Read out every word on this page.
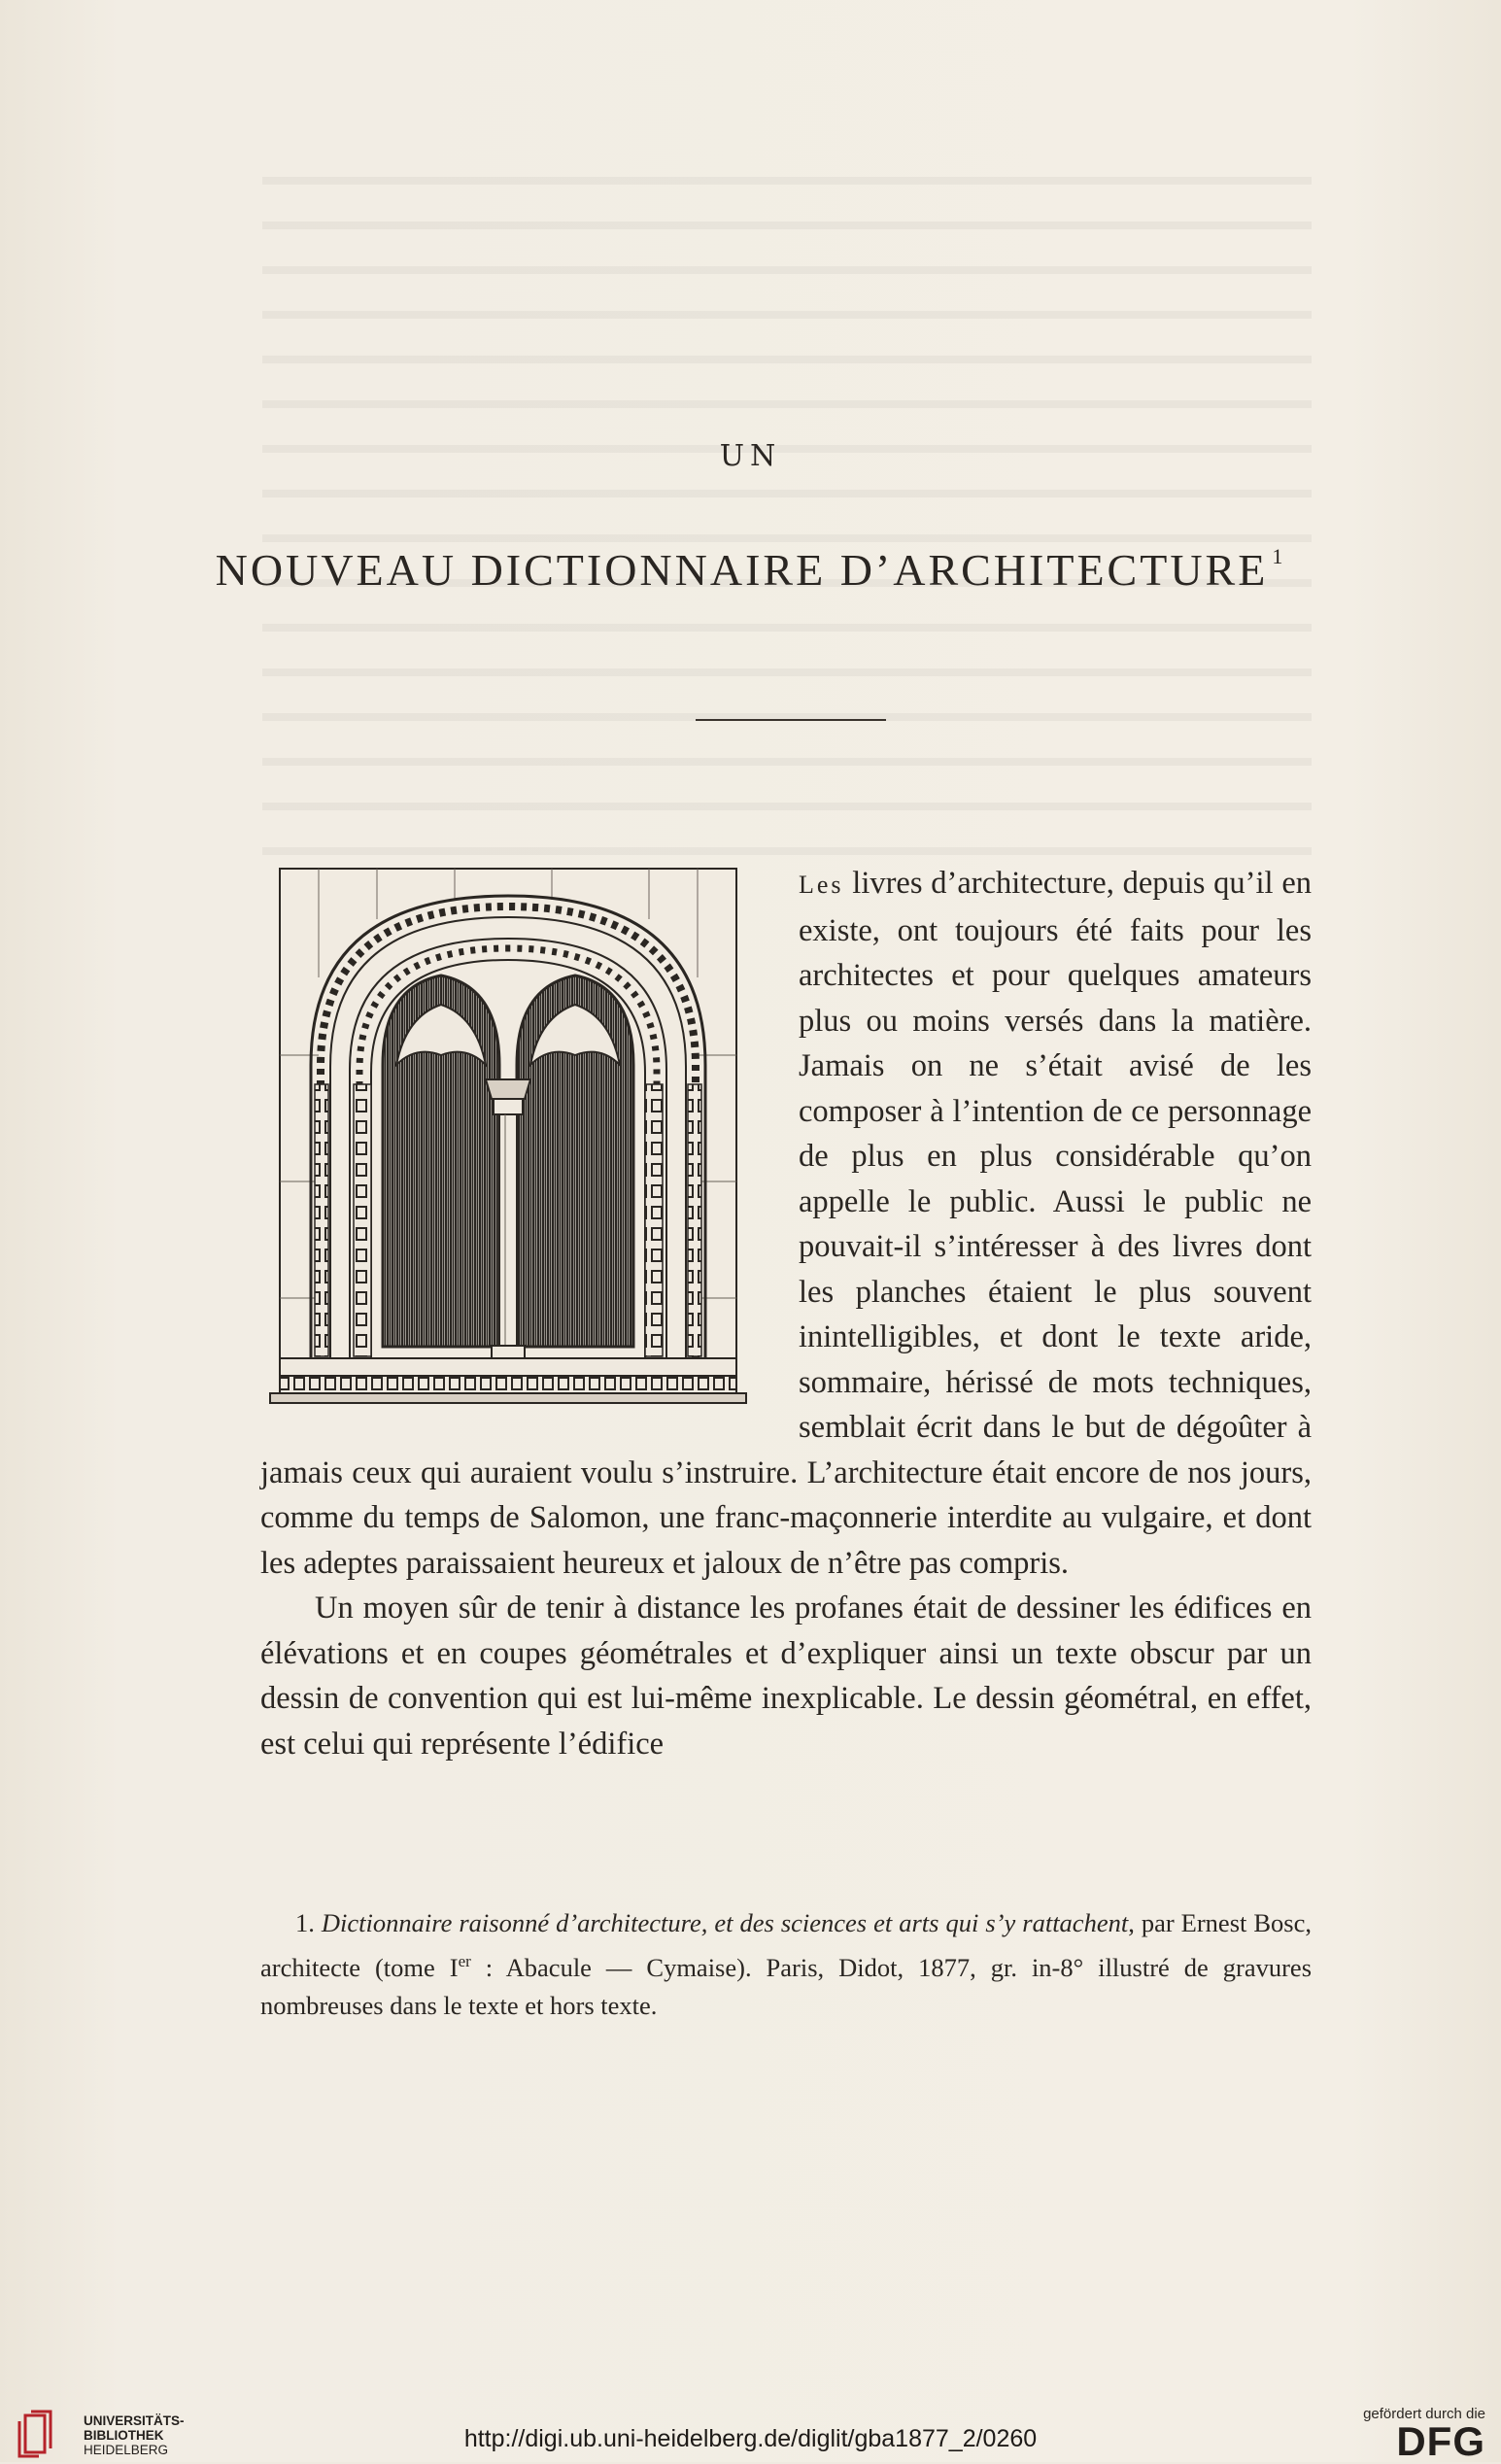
UN
NOUVEAU DICTIONNAIRE D’ARCHITECTURE $^1$

Les livres d’architecture, depuis qu’il en existe, ont toujours été faits pour les architectes et pour quelques amateurs plus ou moins versés dans la matière. Jamais on ne s’était avisé de les composer à l’intention de ce personnage de plus en plus considérable qu’on appelle le public. Aussi le public ne pouvait-il s’intéresser à des livres dont les planches étaient le plus souvent inintelligibles, et dont le texte aride, sommaire, hérissé de mots techniques, semblait écrit dans le but de dégoûter à jamais ceux qui auraient voulu s’instruire. L’architecture était encore de nos jours, comme du temps de Salomon, une franc-maçonnerie interdite au vulgaire, et dont les adeptes paraissaient heureux et jaloux de n’être pas compris.

Un moyen sûr de tenir à distance les profanes était de dessiner les édifices en élévations et en coupes géométrales et d’expliquer ainsi un texte obscur par un dessin de convention qui est lui-même inexplicable. Le dessin géométral, en effet, est celui qui représente l’édifice

1. Dictionnaire raisonné d’architecture, et des sciences et arts qui s’y rattachent, par Ernest Bosc, architecte (tome Ier : Abacule — Cymaise). Paris, Didot, 1877, gr. in-8° illustré de gravures nombreuses dans le texte et hors texte.
UNIVERSITÄTS-
BIBLIOTHEK
HEIDELBERG	http://digi.ub.uni-heidelberg.de/diglit/gba1877_2/0260
gefördert durch die
DFG
